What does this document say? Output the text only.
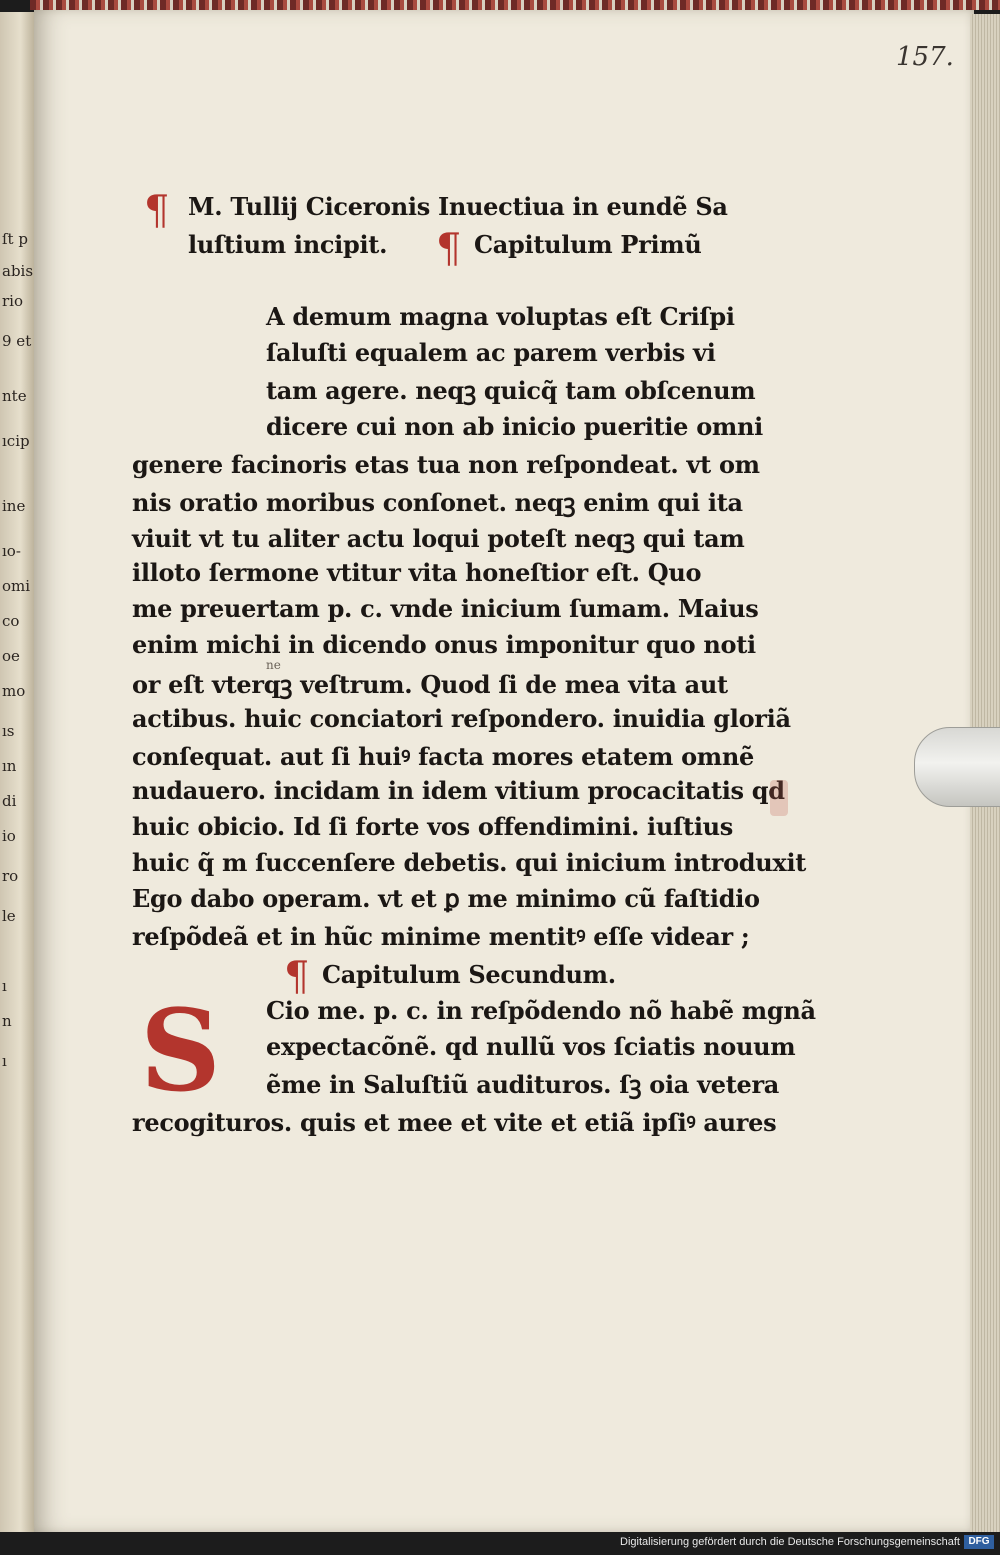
ſt p
abis
rio
9 et
nte
ıcip
ine
ıo-
omi
co
oe
mo
ıs
ın
di
io
ro
le
ı
n
ı
157.
¶ M. Tullij Ciceronis Inuectiua in eundẽ Sa
luſtium incipit. ¶ Capitulum Primũ
A demum magna voluptas eſt Criſpi
ſaluſti equalem ac parem verbis vi
tam agere. neqꝫ quicq̃ tam obſcenum
dicere cui non ab inicio pueritie omni
genere facinoris etas tua non reſpondeat. vt om
nis oratio moribus conſonet. neqꝫ enim qui ita
viuit vt tu aliter actu loqui poteſt neqꝫ qui tam
illoto ſermone vtitur vita honeſtior eſt. Quo
me preuertam p. c. vnde inicium ſumam. Maius
enim michi in dicendo onus imponitur quo noti
or eſt vterqꝫ veſtrum. Quod ſi de mea vita aut
actibus. huic conciatori reſpondero. inuidia gloriã
conſequat. aut ſi huiꝰ facta mores etatem omnẽ
nudauero. incidam in idem vitium procacitatis qd
huic obicio. Id ſi forte vos offendimini. iuſtius
huic q̃ m ſuccenſere debetis. qui inicium introduxit
Ego dabo operam. vt et ꝑ me minimo cũ faſtidio
reſpõdeã et in hũc minime mentitꝰ eſſe videar ;
ne
¶ Capitulum Secundum.
Cio me. p. c. in reſpõdendo nõ habẽ mgnã
expectacõnẽ. qd nullũ vos ſciatis nouum
ẽme in Saluſtiũ audituros. ſꝫ oia vetera
recogituros. quis et mee et vite et etiã ipſiꝰ aures
S
Digitalisierung gefördert durch die Deutsche Forschungsgemeinschaft DFG
